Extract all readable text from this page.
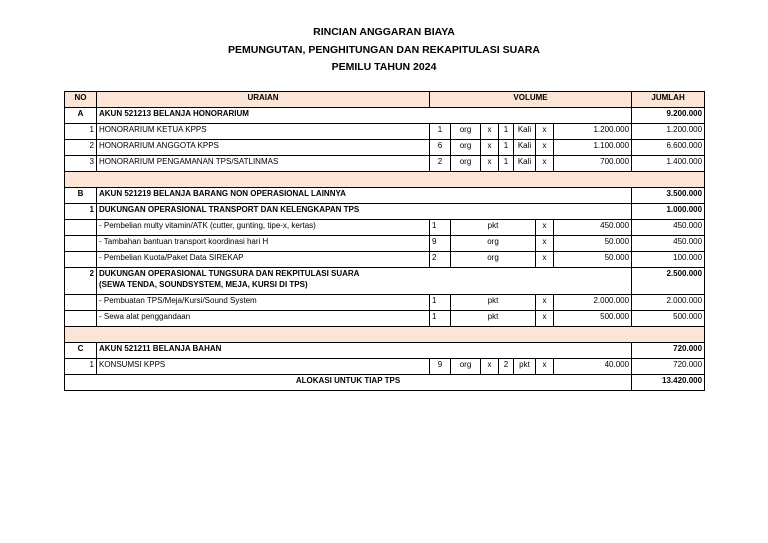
RINCIAN ANGGARAN BIAYA
PEMUNGUTAN, PENGHITUNGAN DAN REKAPITULASI SUARA
PEMILU TAHUN 2024
NO	URAIAN	VOLUME							JUMLAH
A	AKUN 521213 BELANJA HONORARIUM								9.200.000
1	HONORARIUM KETUA KPPS	1	org	x	1	Kali	x	1.200.000	1.200.000
2	HONORARIUM ANGGOTA KPPS	6	org	x	1	Kali	x	1.100.000	6.600.000
3	HONORARIUM PENGAMANAN TPS/SATLINMAS	2	org	x	1	Kali	x	700.000	1.400.000

B	AKUN 521219 BELANJA BARANG NON OPERASIONAL LAINNYA								3.500.000
1	DUKUNGAN OPERASIONAL TRANSPORT DAN KELENGKAPAN TPS								1.000.000
	- Pembelian multy vitamin/ATK (cutter, gunting, tipe-x, kertas)	1	pkt				x	450.000	450.000
	- Tambahan bantuan transport koordinasi hari H	9	org				x	50.000	450.000
	- Pembelian Kuota/Paket Data SIREKAP	2	org				x	50.000	100.000
2	DUKUNGAN OPERASIONAL TUNGSURA DAN REKPITULASI SUARA
(SEWA TENDA, SOUNDSYSTEM, MEJA, KURSI DI TPS)								2.500.000
	- Pembuatan TPS/Meja/Kursi/Sound System	1	pkt				x	2.000.000	2.000.000
	- Sewa alat penggandaan	1	pkt				x	500.000	500.000

C	AKUN 521211 BELANJA BAHAN								720.000
1	KONSUMSI KPPS	9	org	x	2	pkt	x	40.000	720.000
ALOKASI UNTUK TIAP TPS									13.420.000
